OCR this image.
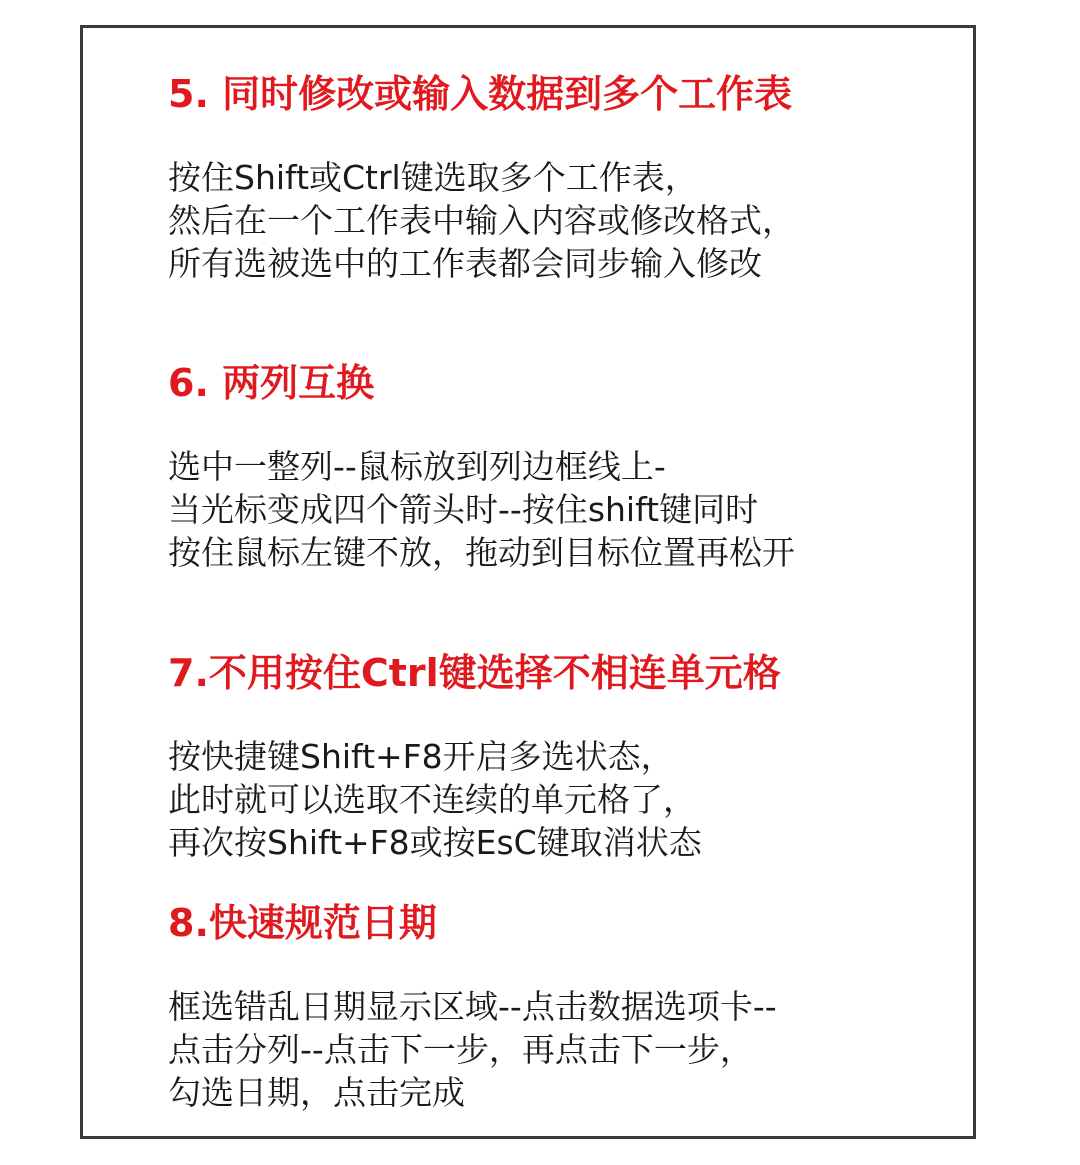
5. 同时修改或输入数据到多个工作表

按住Shift或Ctrl键选取多个工作表，
然后在一个工作表中输入内容或修改格式，
所有选被选中的工作表都会同步输入修改

6. 两列互换

选中一整列--鼠标放到列边框线上-
当光标变成四个箭头时--按住shift键同时
按住鼠标左键不放，拖动到目标位置再松开

7.不用按住Ctrl键选择不相连单元格

按快捷键Shift+F8开启多选状态，
此时就可以选取不连续的单元格了，
再次按Shift+F8或按EsC键取消状态

8.快速规范日期

框选错乱日期显示区域--点击数据选项卡--
点击分列--点击下一步，再点击下一步，
勾选日期，点击完成
